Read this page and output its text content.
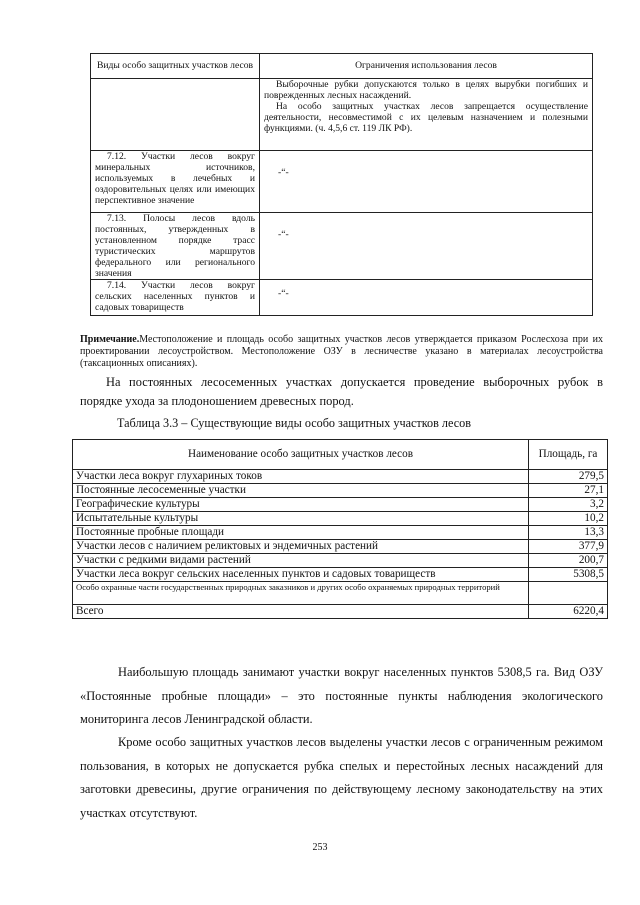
Виды особо защитных участков лесов	Ограничения использования лесов

	Выборочные рубки допускаются только в целях вырубки погибших и поврежденных лесных насаждений.
На особо защитных участках лесов запрещается осуществление деятельности, несовместимой с их целевым назначением и полезными функциями. (ч. 4,5,6 ст. 119 ЛК РФ).

7.12. Участки лесов вокруг минеральных источников, используемых в лечебных и оздоровительных целях или имеющих перспективное значение	-“-

7.13. Полосы лесов вдоль постоянных, утвержденных в установленном порядке трасс туристических маршрутов федерального или регионального значения	-“-

7.14. Участки лесов вокруг сельских населенных пунктов и садовых товариществ	-“-
Примечание.Местоположение и площадь особо защитных участков лесов утверждается приказом Рослесхоза при их проектировании лесоустройством. Местоположение ОЗУ в лесничестве указано в материалах лесоустройства (таксационных описаниях).
На постоянных лесосеменных участках допускается проведение выборочных рубок в порядке ухода за плодоношением древесных пород.
Таблица 3.3 – Существующие виды особо защитных участков лесов
Наименование особо защитных участков лесов	Площадь, га
Участки леса вокруг глухариных токов	279,5
Постоянные лесосеменные участки	27,1
Географические культуры	3,2
Испытательные культуры	10,2
Постоянные пробные площади	13,3
Участки лесов с наличием реликтовых и эндемичных растений	377,9
Участки с редкими видами растений	200,7
Участки леса вокруг сельских населенных пунктов и садовых товариществ	5308,5
Особо охранные части государственных природных заказников и других особо охраняемых природных территорий	
Всего	6220,4
Наибольшую площадь занимают участки вокруг населенных пунктов 5308,5 га. Вид ОЗУ «Постоянные пробные площади» – это постоянные пункты наблюдения экологического мониторинга лесов Ленинградской области.
Кроме особо защитных участков лесов выделены участки лесов с ограниченным режимом пользования, в которых не допускается рубка спелых и перестойных лесных насаждений для заготовки древесины, другие ограничения по действующему лесному законодательству на этих участках отсутствуют.
253
